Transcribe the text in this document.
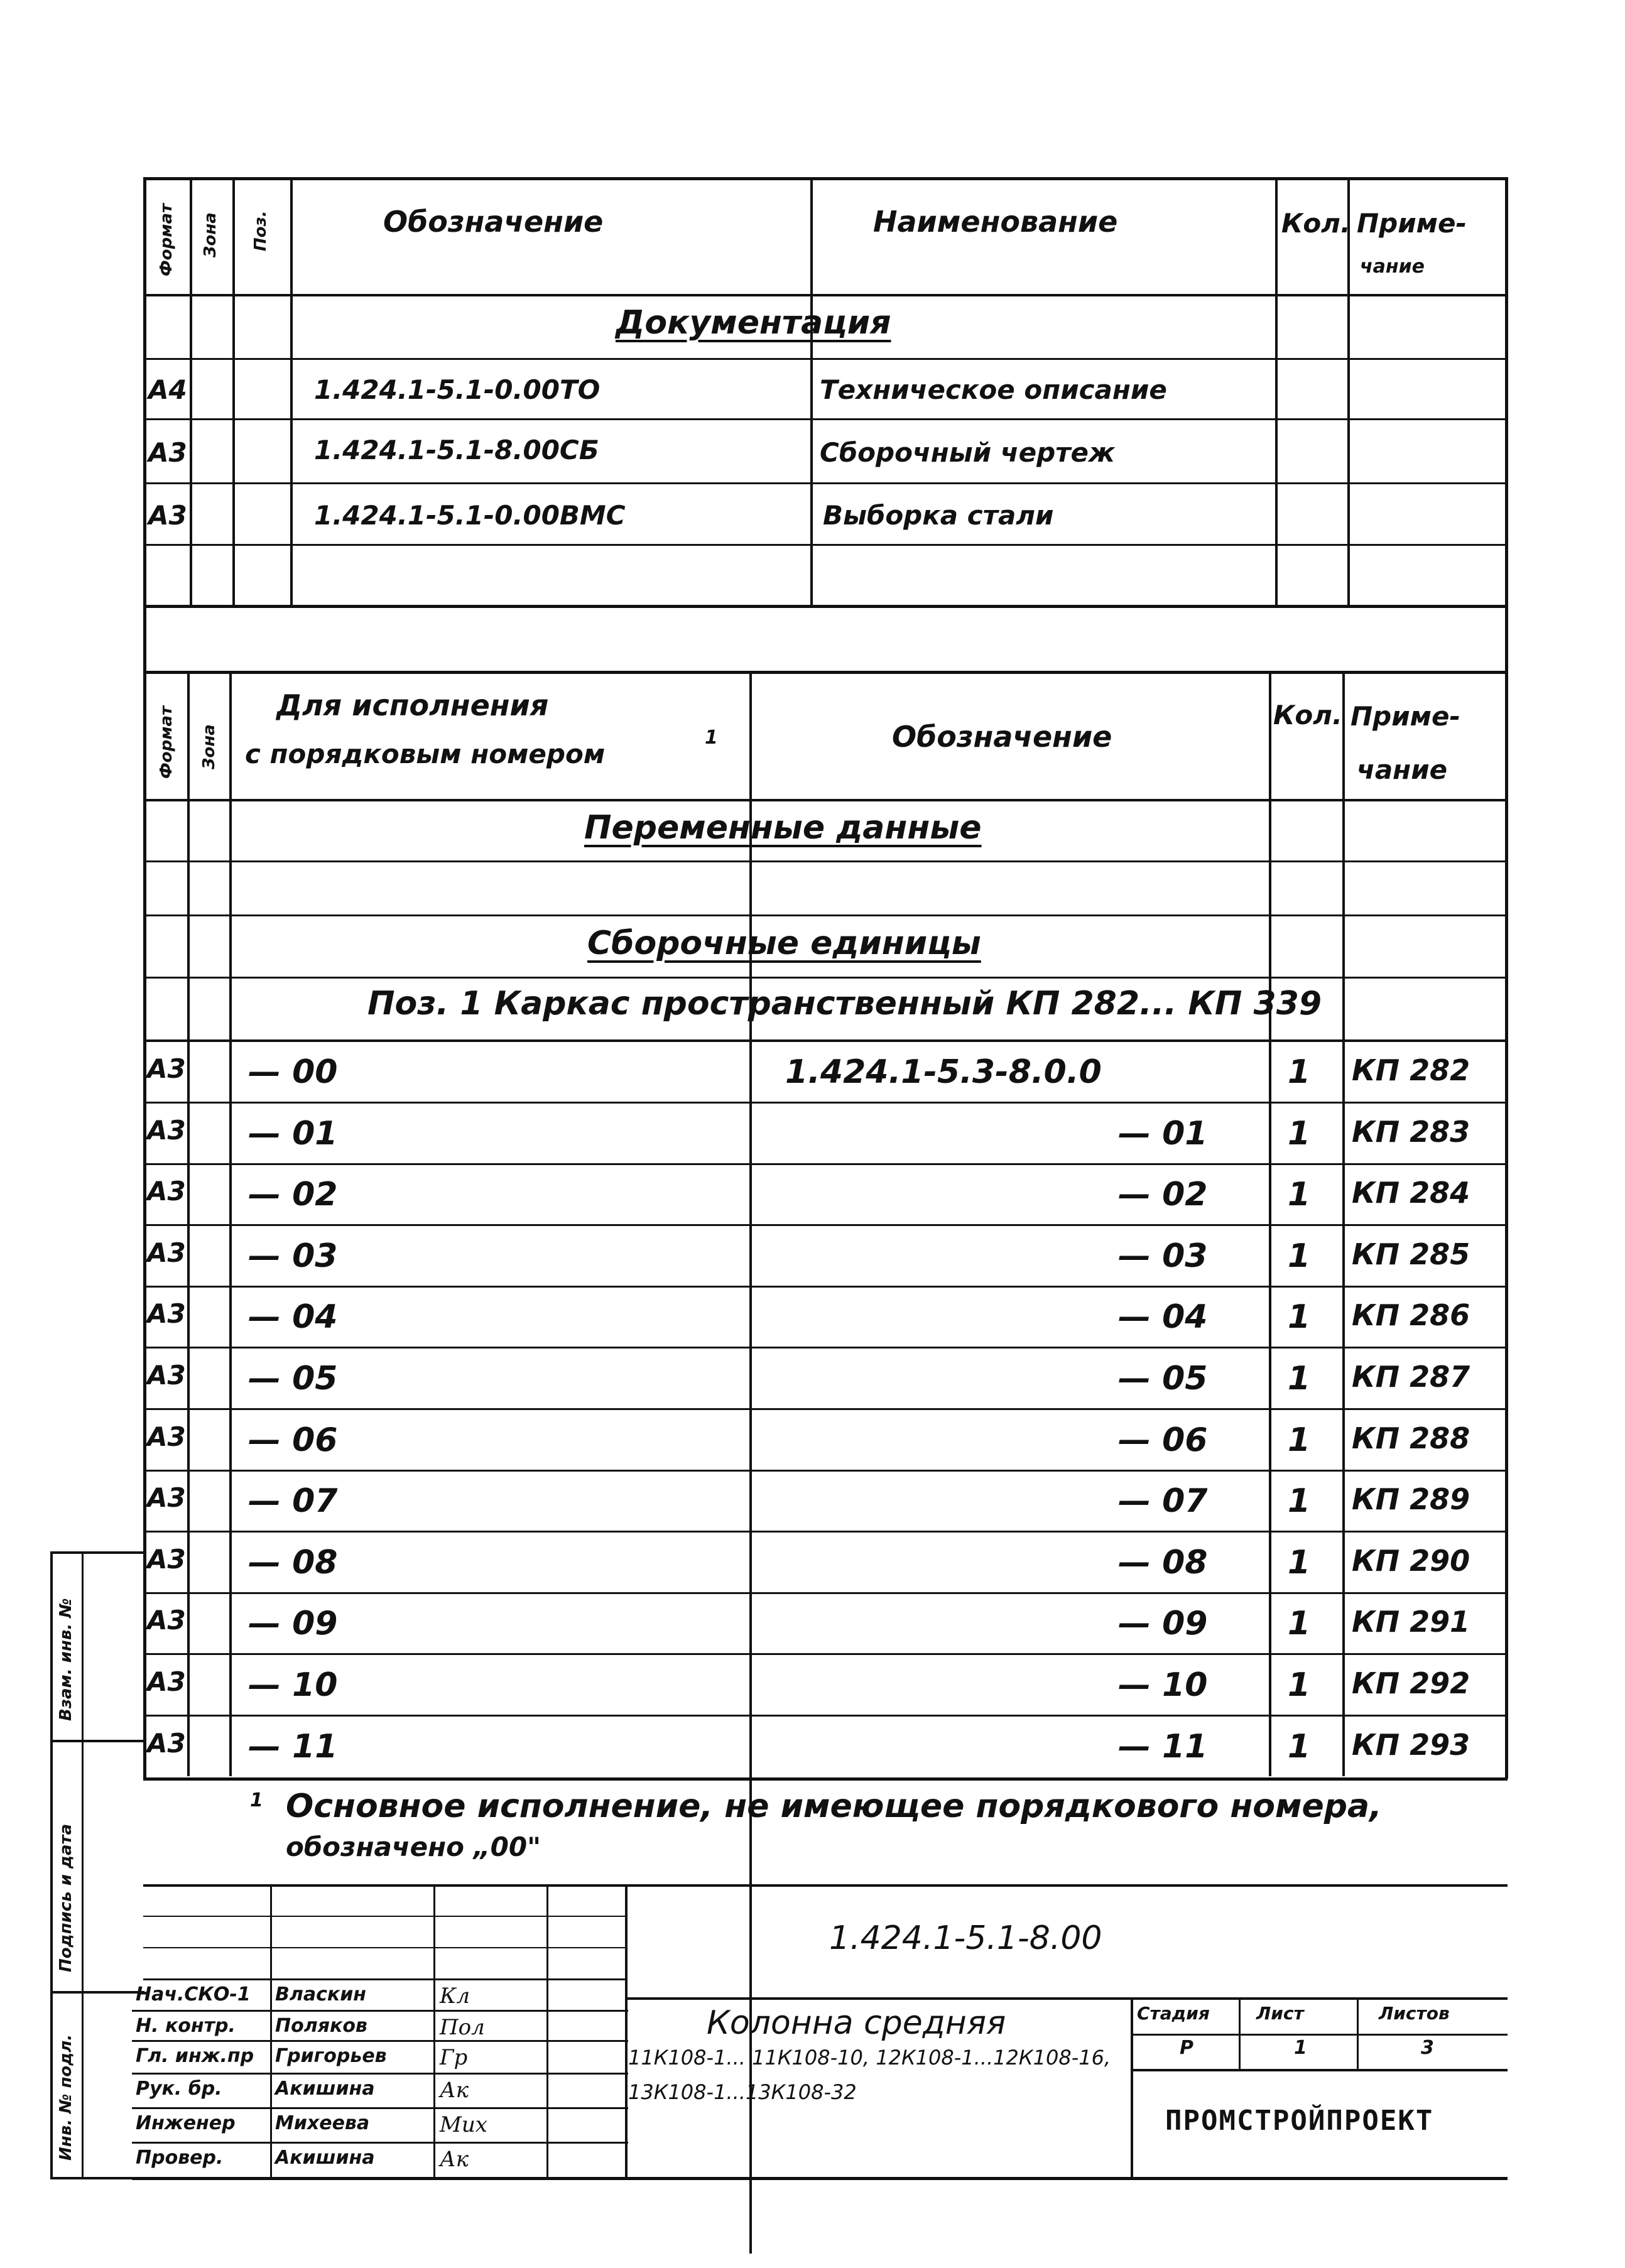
Формат Зона Поз.	Обозначение	Наименование	Кол. Приме-
чание
Документация
А4	1.424.1-5.1-0.00ТО	Техническое описание
А3	1.424.1-5.1-8.00СБ	Сборочный чертеж
А3	1.424.1-5.1-0.00ВМС	Выборка стали
Формат Зона
Для исполнения
с порядковым номером
1	Обозначение
Кол. Приме-
чание
Переменные данные
Сборочные единицы
Поз. 1 Каркас пространственный КП 282... КП 339
А3 — 00	1.424.1-5.3-8.0.0	1 КП 282
А3 — 01	— 01 1 КП 283
А3 — 02	— 02 1 КП 284
А3 — 03	— 03 1 КП 285
А3 — 04	— 04 1 КП 286
А3 — 05	— 05 1 КП 287
А3 — 06	— 06 1 КП 288
А3 — 07	— 07 1 КП 289
А3 — 08	— 08 1 КП 290
А3 — 09	— 09 1 КП 291
А3 — 10	— 10 1 КП 292
А3 — 11	— 11 1 КП 293
1 Основное исполнение, не имеющее порядкового номера,
обозначено „00"
Взам. инв. №
Подпись и дата
Инв. № подл.
1.424.1-5.1-8.00
Колонна средняя
11К108-1... 11К108-10, 12К108-1...12К108-16,
13К108-1...13К108-32
Стадия	Лист	Листов
Р	1	3
ПРОМСТРОЙПРОЕКТ
Нач.СКО-1 Власкин	Кл
Н. контр. Поляков	Пол
Гл. инж.пр Григорьев Гр
Рук. бр.	Акишина	Ак
Инженер Михеева	Мих
Провер.	Акишина	Ак
